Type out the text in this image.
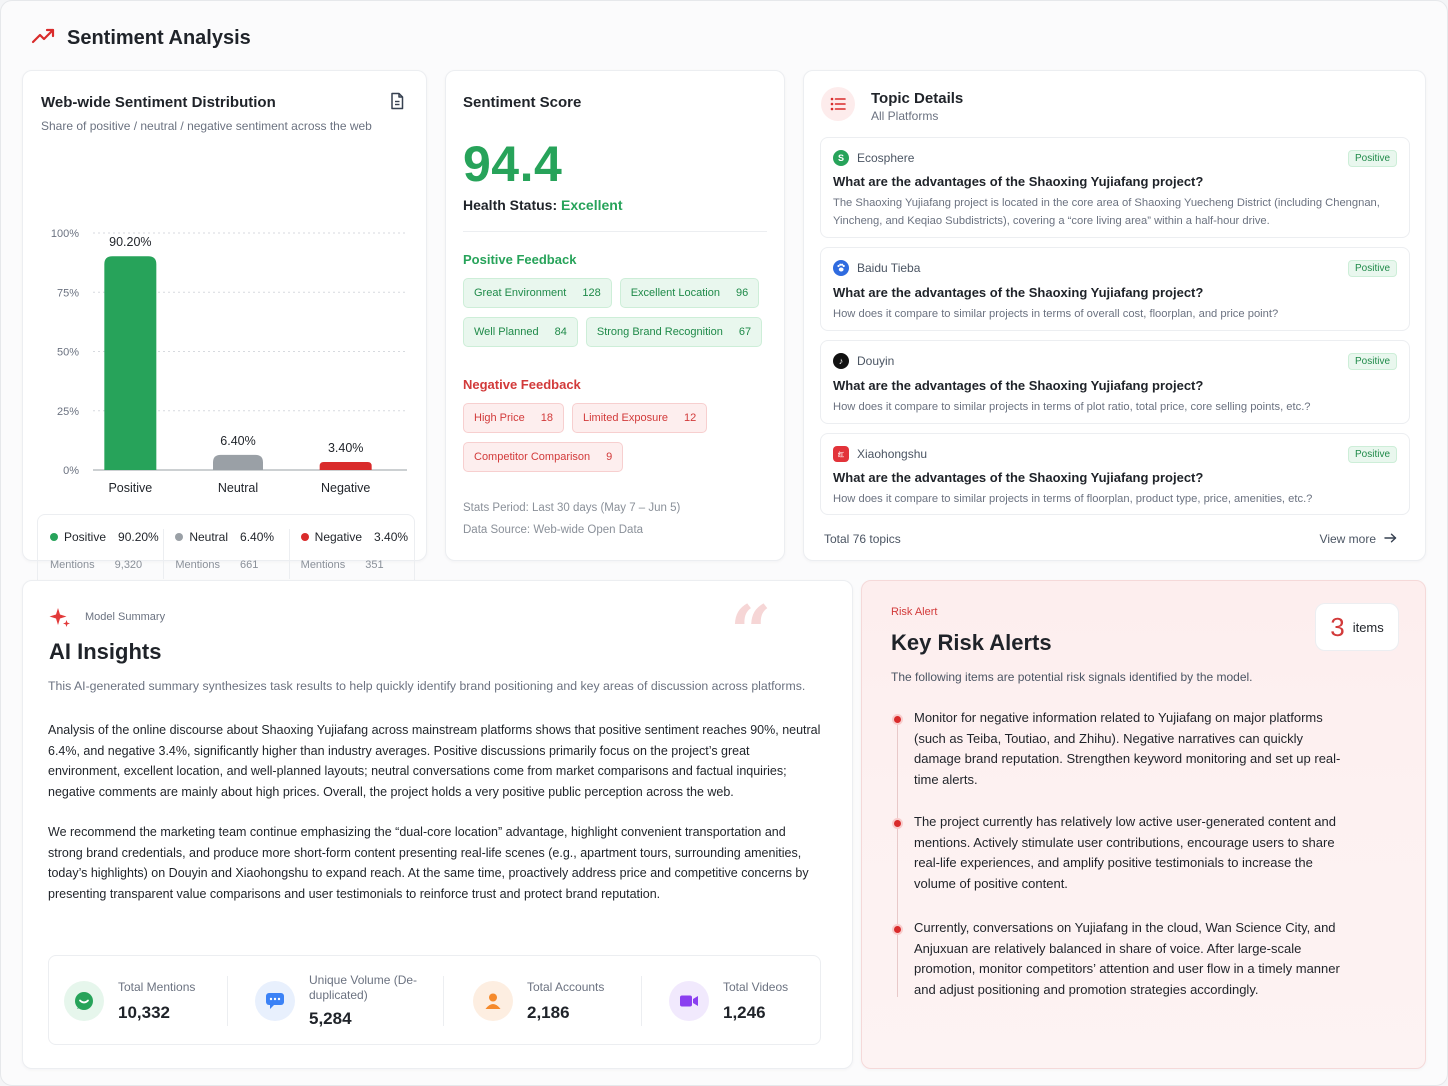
Sentiment Analysis
Web-wide Sentiment Distribution
Share of positive / neutral / negative sentiment across the web
0%
25%
50%
75%
100%
90.20%
Positive
6.40%
Neutral
3.40%
Negative
Positive 90.20%
Mentions 9,320
Neutral 6.40%
Mentions 661
Negative 3.40%
Mentions 351
Sentiment Score
94.4
Health Status: Excellent
Positive Feedback
Great Environment 128	Excellent Location 96
Well Planned 84	Strong Brand Recognition 67
Negative Feedback
High Price 18	Limited Exposure 12
Competitor Comparison 9
Stats Period: Last 30 days (May 7 – Jun 5)
Data Source: Web-wide Open Data
Topic Details
All Platforms
S	Ecosphere	Positive
What are the advantages of the Shaoxing Yujiafang project?
The Shaoxing Yujiafang project is located in the core area of Shaoxing Yuecheng District (including Chengnan, Yincheng, and Keqiao Subdistricts), covering a “core living area” within a half-hour drive.
Baidu Tieba	Positive
What are the advantages of the Shaoxing Yujiafang project?
How does it compare to similar projects in terms of overall cost, floorplan, and price point?
♪	Douyin	Positive
What are the advantages of the Shaoxing Yujiafang project?
How does it compare to similar projects in terms of plot ratio, total price, core selling points, etc.?
红	Xiaohongshu	Positive
What are the advantages of the Shaoxing Yujiafang project?
How does it compare to similar projects in terms of floorplan, product type, price, amenities, etc.?
Total 76 topics	View more
Model Summary
AI Insights	“
This AI-generated summary synthesizes task results to help quickly identify brand positioning and key areas of discussion across platforms.
Analysis of the online discourse about Shaoxing Yujiafang across mainstream platforms shows that positive sentiment reaches 90%, neutral 6.4%, and negative 3.4%, significantly higher than industry averages. Positive discussions primarily focus on the project’s great environment, excellent location, and well-planned layouts; neutral conversations come from market comparisons and factual inquiries; negative comments are mainly about high prices. Overall, the project holds a very positive public perception across the web.
We recommend the marketing team continue emphasizing the “dual-core location” advantage, highlight convenient transportation and strong brand credentials, and produce more short-form content presenting real-life scenes (e.g., apartment tours, surrounding amenities, today’s highlights) on Douyin and Xiaohongshu to expand reach. At the same time, proactively address price and competitive concerns by presenting transparent value comparisons and user testimonials to reinforce trust and protect brand reputation.
Total Mentions
10,332
Unique Volume (De-duplicated)
5,284
Total Accounts
2,186
Total Videos
1,246
Risk Alert
Key Risk Alerts
The following items are potential risk signals identified by the model.
3 items
Monitor for negative information related to Yujiafang on major platforms (such as Teiba, Toutiao, and Zhihu). Negative narratives can quickly damage brand reputation. Strengthen keyword monitoring and set up real-time alerts.
The project currently has relatively low active user-generated content and mentions. Actively stimulate user contributions, encourage users to share real-life experiences, and amplify positive testimonials to increase the volume of positive content.
Currently, conversations on Yujiafang in the cloud, Wan Science City, and Anjuxuan are relatively balanced in share of voice. After large-scale promotion, monitor competitors’ attention and user flow in a timely manner and adjust positioning and promotion strategies accordingly.
